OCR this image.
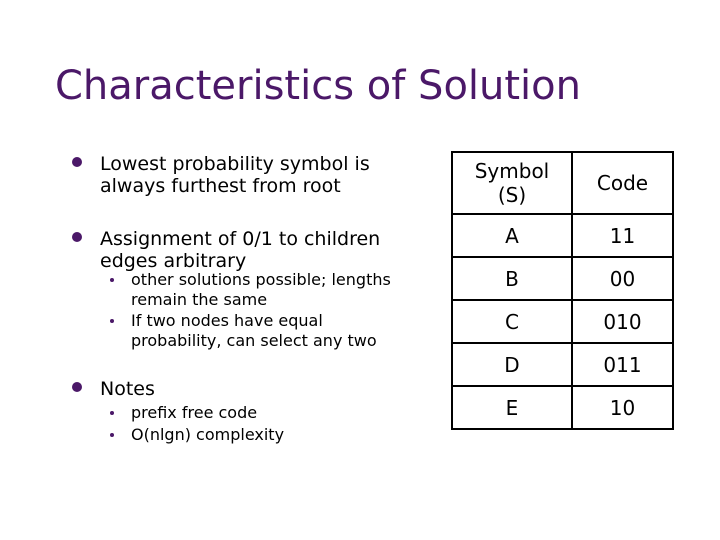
Characteristics of Solution
Lowest probability symbol is
always furthest from root
Assignment of 0/1 to children
edges arbitrary
other solutions possible; lengths
remain the same
If two nodes have equal
probability, can select any two
Notes
prefix free code
O(nlgn) complexity
Symbol
(S)	Code

A	11
B	00
C	010
D	011
E	10
